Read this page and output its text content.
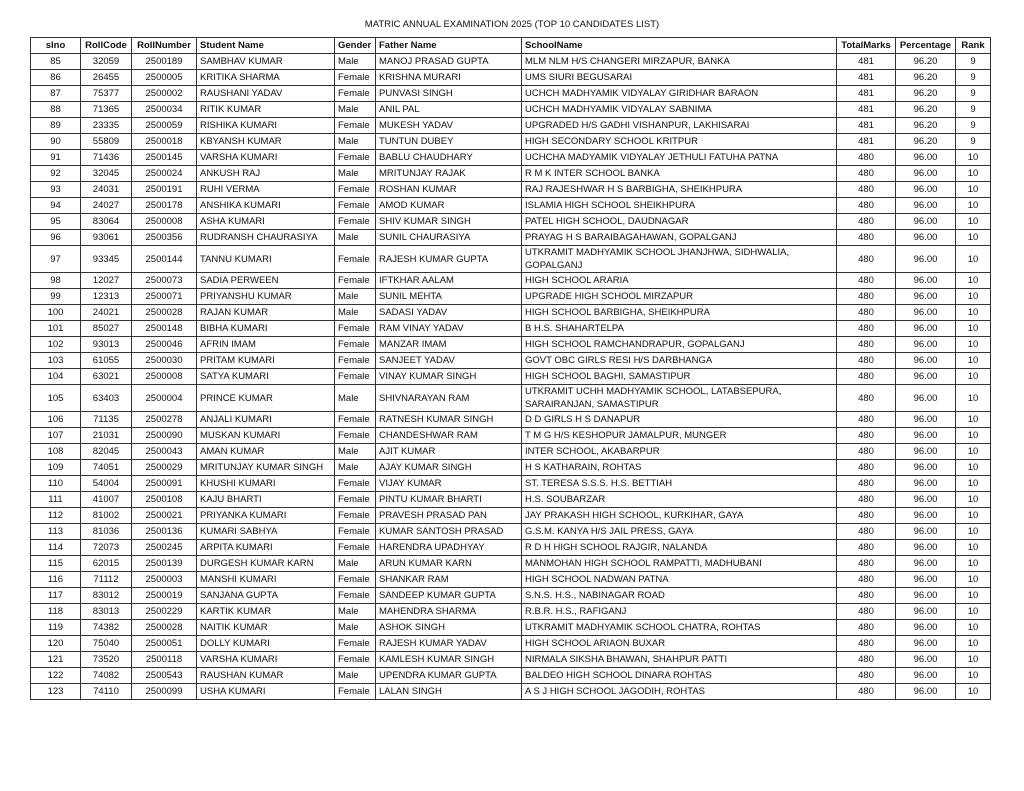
MATRIC ANNUAL EXAMINATION 2025 (TOP 10 CANDIDATES LIST)
slno	RollCode	RollNumber	Student Name	Gender	Father Name	SchoolName	TotalMarks	Percentage	Rank
85	32059	2500189	SAMBHAV KUMAR	Male	MANOJ PRASAD GUPTA	MLM NLM H/S CHANGERI MIRZAPUR, BANKA	481	96.20	9
86	26455	2500005	KRITIKA SHARMA	Female	KRISHNA MURARI	UMS SIURI BEGUSARAI	481	96.20	9
87	75377	2500002	RAUSHANI YADAV	Female	PUNVASI SINGH	UCHCH MADHYAMIK VIDYALAY GIRIDHAR BARAON	481	96.20	9
88	71365	2500034	RITIK KUMAR	Male	ANIL PAL	UCHCH MADHYAMIK VIDYALAY SABNIMA	481	96.20	9
89	23335	2500059	RISHIKA KUMARI	Female	MUKESH YADAV	UPGRADED H/S GADHI VISHANPUR, LAKHISARAI	481	96.20	9
90	55809	2500018	KBYANSH KUMAR	Male	TUNTUN DUBEY	HIGH SECONDARY SCHOOL KRITPUR	481	96.20	9
91	71436	2500145	VARSHA KUMARI	Female	BABLU CHAUDHARY	UCHCHA MADYAMIK VIDYALAY JETHULI FATUHA PATNA	480	96.00	10
92	32045	2500024	ANKUSH RAJ	Male	MRITUNJAY RAJAK	R M K INTER SCHOOL BANKA	480	96.00	10
93	24031	2500191	RUHI VERMA	Female	ROSHAN KUMAR	RAJ RAJESHWAR H S BARBIGHA, SHEIKHPURA	480	96.00	10
94	24027	2500178	ANSHIKA KUMARI	Female	AMOD KUMAR	ISLAMIA HIGH SCHOOL SHEIKHPURA	480	96.00	10
95	83064	2500008	ASHA KUMARI	Female	SHIV KUMAR SINGH	PATEL HIGH SCHOOL, DAUDNAGAR	480	96.00	10
96	93061	2500356	RUDRANSH CHAURASIYA	Male	SUNIL CHAURASIYA	PRAYAG H S BARAIBAGAHAWAN, GOPALGANJ	480	96.00	10
97	93345	2500144	TANNU KUMARI	Female	RAJESH KUMAR GUPTA	UTKRAMIT MADHYAMIK SCHOOL JHANJHWA, SIDHWALIA, GOPALGANJ	480	96.00	10
98	12027	2500073	SADIA PERWEEN	Female	IFTKHAR AALAM	HIGH SCHOOL ARARIA	480	96.00	10
99	12313	2500071	PRIYANSHU KUMAR	Male	SUNIL MEHTA	UPGRADE HIGH SCHOOL MIRZAPUR	480	96.00	10
100	24021	2500028	RAJAN KUMAR	Male	SADASI YADAV	HIGH SCHOOL BARBIGHA, SHEIKHPURA	480	96.00	10
101	85027	2500148	BIBHA KUMARI	Female	RAM VINAY YADAV	B H.S. SHAHARTELPA	480	96.00	10
102	93013	2500046	AFRIN IMAM	Female	MANZAR IMAM	HIGH SCHOOL RAMCHANDRAPUR, GOPALGANJ	480	96.00	10
103	61055	2500030	PRITAM KUMARI	Female	SANJEET YADAV	GOVT OBC GIRLS RESI H/S DARBHANGA	480	96.00	10
104	63021	2500008	SATYA KUMARI	Female	VINAY KUMAR SINGH	HIGH SCHOOL BAGHI, SAMASTIPUR	480	96.00	10
105	63403	2500004	PRINCE KUMAR	Male	SHIVNARAYAN RAM	UTKRAMIT UCHH MADHYAMIK SCHOOL, LATABSEPURA, SARAIRANJAN, SAMASTIPUR	480	96.00	10
106	71135	2500278	ANJALI KUMARI	Female	RATNESH KUMAR SINGH	D D GIRLS H S DANAPUR	480	96.00	10
107	21031	2500090	MUSKAN KUMARI	Female	CHANDESHWAR RAM	T M G H/S KESHOPUR JAMALPUR, MUNGER	480	96.00	10
108	82045	2500043	AMAN KUMAR	Male	AJIT KUMAR	INTER SCHOOL, AKABARPUR	480	96.00	10
109	74051	2500029	MRITUNJAY KUMAR SINGH	Male	AJAY KUMAR SINGH	H S KATHARAIN, ROHTAS	480	96.00	10
110	54004	2500091	KHUSHI KUMARI	Female	VIJAY KUMAR	ST. TERESA S.S.S. H.S. BETTIAH	480	96.00	10
111	41007	2500108	KAJU BHARTI	Female	PINTU KUMAR BHARTI	H.S. SOUBARZAR	480	96.00	10
112	81002	2500021	PRIYANKA KUMARI	Female	PRAVESH PRASAD PAN	JAY PRAKASH HIGH SCHOOL, KURKIHAR, GAYA	480	96.00	10
113	81036	2500136	KUMARI SABHYA	Female	KUMAR SANTOSH PRASAD	G.S.M. KANYA H/S JAIL PRESS, GAYA	480	96.00	10
114	72073	2500245	ARPITA KUMARI	Female	HARENDRA UPADHYAY	R D H HIGH SCHOOL RAJGIR, NALANDA	480	96.00	10
115	62015	2500139	DURGESH KUMAR KARN	Male	ARUN KUMAR KARN	MANMOHAN HIGH SCHOOL RAMPATTI, MADHUBANI	480	96.00	10
116	71112	2500003	MANSHI KUMARI	Female	SHANKAR RAM	HIGH SCHOOL NADWAN PATNA	480	96.00	10
117	83012	2500019	SANJANA GUPTA	Female	SANDEEP KUMAR GUPTA	S.N.S. H.S., NABINAGAR ROAD	480	96.00	10
118	83013	2500229	KARTIK KUMAR	Male	MAHENDRA SHARMA	R.B.R. H.S., RAFIGANJ	480	96.00	10
119	74382	2500028	NAITIK KUMAR	Male	ASHOK SINGH	UTKRAMIT MADHYAMIK SCHOOL CHATRA, ROHTAS	480	96.00	10
120	75040	2500051	DOLLY KUMARI	Female	RAJESH KUMAR YADAV	HIGH SCHOOL ARIAON BUXAR	480	96.00	10
121	73520	2500118	VARSHA KUMARI	Female	KAMLESH KUMAR SINGH	NIRMALA SIKSHA BHAWAN, SHAHPUR PATTI	480	96.00	10
122	74082	2500543	RAUSHAN KUMAR	Male	UPENDRA KUMAR GUPTA	BALDEO HIGH SCHOOL DINARA ROHTAS	480	96.00	10
123	74110	2500099	USHA KUMARI	Female	LALAN SINGH	A S J HIGH SCHOOL JAGODIH, ROHTAS	480	96.00	10
